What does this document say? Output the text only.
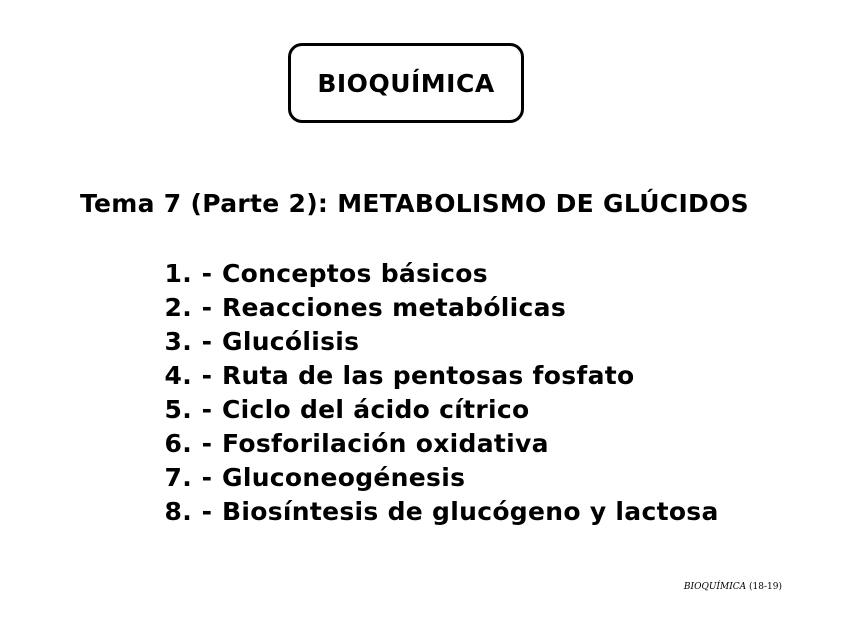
BIOQUÍMICA
Tema 7 (Parte 2): METABOLISMO DE GLÚCIDOS
1. - Conceptos básicos
2. - Reacciones metabólicas
3. - Glucólisis
4. - Ruta de las pentosas fosfato
5. - Ciclo del ácido cítrico
6. - Fosforilación oxidativa
7. - Gluconeogénesis
8. - Biosíntesis de glucógeno y lactosa
BIOQUÍMICA (18-19)
